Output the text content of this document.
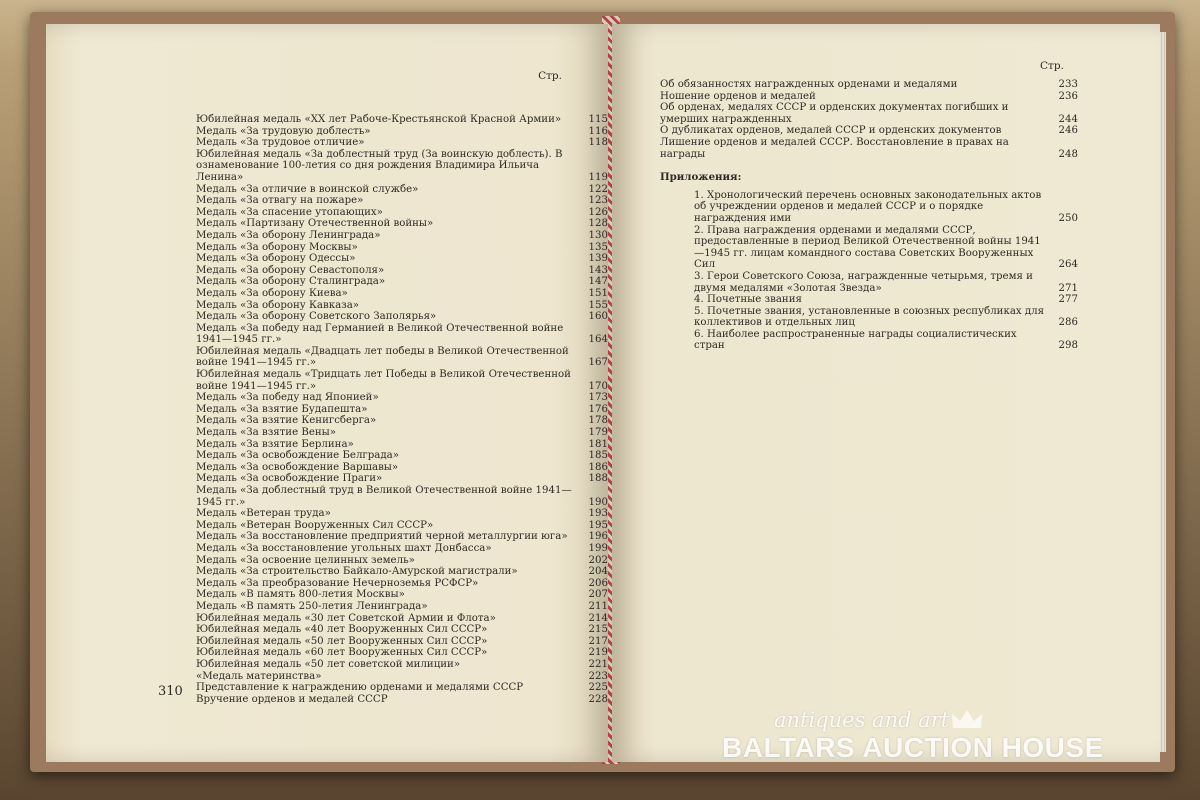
Стр.
Юбилейная медаль «XX лет Рабоче-Крестьянской Красной Армии»	115
Медаль «За трудовую доблесть»	116
Медаль «За трудовое отличие»	118
Юбилейная медаль «За доблестный труд (За воинскую доблесть). В ознаменование 100-летия со дня рождения Владимира Ильича Ленина»	119
Медаль «За отличие в воинской службе»	122
Медаль «За отвагу на пожаре»	123
Медаль «За спасение утопающих»	126
Медаль «Партизану Отечественной войны»	128
Медаль «За оборону Ленинграда»	130
Медаль «За оборону Москвы»	135
Медаль «За оборону Одессы»	139
Медаль «За оборону Севастополя»	143
Медаль «За оборону Сталинграда»	147
Медаль «За оборону Киева»	151
Медаль «За оборону Кавказа»	155
Медаль «За оборону Советского Заполярья»	160
Медаль «За победу над Германией в Великой Отечественной войне 1941—1945 гг.»	164
Юбилейная медаль «Двадцать лет победы в Великой Отечественной войне 1941—1945 гг.»	167
Юбилейная медаль «Тридцать лет Победы в Великой Отечественной войне 1941—1945 гг.»	170
Медаль «За победу над Японией»	173
Медаль «За взятие Будапешта»	176
Медаль «За взятие Кенигсберга»	178
Медаль «За взятие Вены»	179
Медаль «За взятие Берлина»	181
Медаль «За освобождение Белграда»	185
Медаль «За освобождение Варшавы»	186
Медаль «За освобождение Праги»	188
Медаль «За доблестный труд в Великой Отечественной войне 1941—1945 гг.»	190
Медаль «Ветеран труда»	193
Медаль «Ветеран Вооруженных Сил СССР»	195
Медаль «За восстановление предприятий черной металлургии юга»	196
Медаль «За восстановление угольных шахт Донбасса»	199
Медаль «За освоение целинных земель»	202
Медаль «За строительство Байкало-Амурской магистрали»	204
Медаль «За преобразование Нечерноземья РСФСР»	206
Медаль «В память 800-летия Москвы»	207
Медаль «В память 250-летия Ленинграда»	211
Юбилейная медаль «30 лет Советской Армии и Флота»	214
Юбилейная медаль «40 лет Вооруженных Сил СССР»	215
Юбилейная медаль «50 лет Вооруженных Сил СССР»	217
Юбилейная медаль «60 лет Вооруженных Сил СССР»	219
Юбилейная медаль «50 лет советской милиции»	221
«Медаль материнства»	223
Представление к награждению орденами и медалями СССР	225
Вручение орденов и медалей СССР	228
310
Стр.
Об обязанностях награжденных орденами и медалями	233
Ношение орденов и медалей	236
Об орденах, медалях СССР и орденских документах погибших и умерших награжденных	244
О дубликатах орденов, медалей СССР и орденских документов	246
Лишение орденов и медалей СССР. Восстановление в правах на награды	248
Приложения:
1. Хронологический перечень основных законодательных актов об учреждении орденов и медалей СССР и о порядке награждения ими	250
2. Права награждения орденами и медалями СССР, предоставленные в период Великой Отечественной войны 1941—1945 гг. лицам командного состава Советских Вооруженных Сил	264
3. Герои Советского Союза, награжденные четырьмя, тремя и двумя медалями «Золотая Звезда»	271
4. Почетные звания	277
5. Почетные звания, установленные в союзных республиках для коллективов и отдельных лиц	286
6. Наиболее распространенные награды социалистических стран	298
antiques and art
BALTARS AUCTION HOUSE
